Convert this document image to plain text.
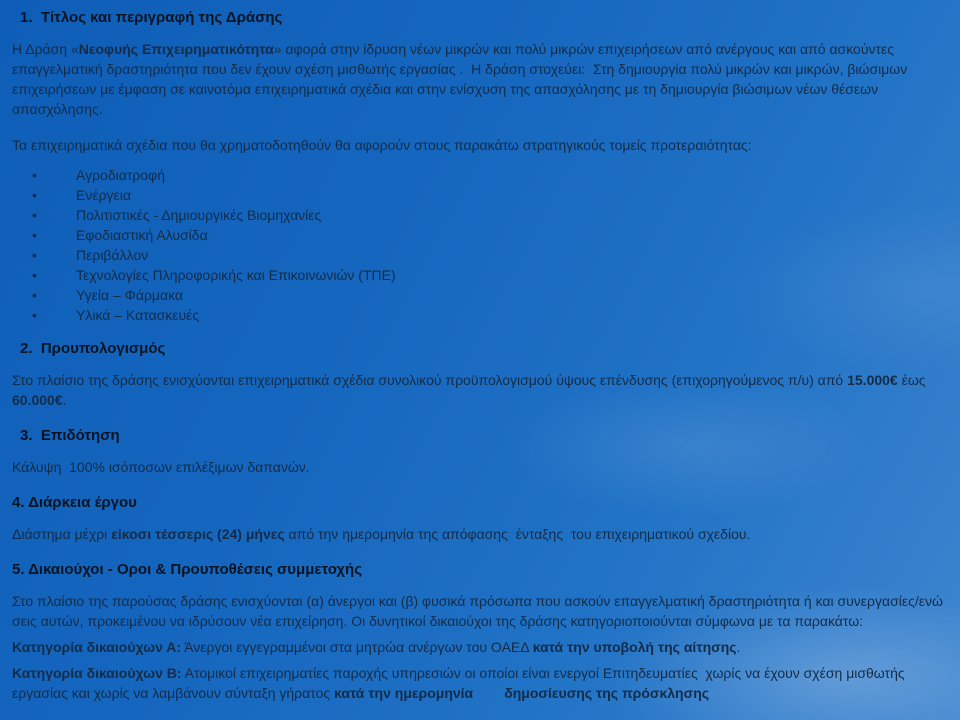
1.  Τίτλος και περιγραφή της Δράσης

Η Δράση «Νεοφυής Επιχειρηματικότητα» αφορά στην ίδρυση νέων μικρών και πολύ μικρών επιχειρήσεων από ανέργους και από ασκούντες επαγγελματική δραστηριότητα που δεν έχουν σχέση μισθωτής εργασίας .  Η δράση στοχεύει:  Στη δημιουργία πολύ μικρών και μικρών, βιώσιμων επιχειρήσεων με έμφαση σε καινοτόμα επιχειρηματικά σχέδια και στην ενίσχυση της απασχόλησης με τη δημιουργία βιώσιμων νέων θέσεων απασχόλησης.

Τα επιχειρηματικά σχέδια που θα χρηματοδοτηθούν θα αφορούν στους παρακάτω στρατηγικούς τομείς προτεραιότητας:

•	Αγροδιατροφή
•	Ενέργεια
•	Πολιτιστικές - Δημιουργικές Βιομηχανίες
•	Εφοδιαστική Αλυσίδα
•	Περιβάλλον
•	Τεχνολογίες Πληροφορικής και Επικοινωνιών (ΤΠΕ)
•	Υγεία – Φάρμακα
•	Υλικά – Κατασκευές
2.  Προυπολογισμός

Στο πλαίσιο της δράσης ενισχύονται επιχειρηματικά σχέδια συνολικού προϋπολογισμού ύψους επένδυσης (επιχορηγούμενος π/υ) από 15.000€ έως 60.000€.

3.  Επιδότηση

Κάλυψη  100% ισόποσων επιλέξιμων δαπανών.

4. Διάρκεια έργου

Διάστημα μέχρι είκοσι τέσσερις (24) μήνες από την ημερομηνία της απόφασης  ένταξης  του επιχειρηματικού σχεδίου.

5. Δικαιούχοι - Οροι & Προυποθέσεις συμμετοχής

Στο πλαίσιο της παρούσας δράσης ενισχύονται (α) άνεργοι και (β) φυσικά πρόσωπα που ασκούν επαγγελματική δραστηριότητα ή και συνεργασίες/ενώ σεις αυτών, προκειμένου να ιδρύσουν νέα επιχείρηση. Οι δυνητικοί δικαιούχοι της δράσης κατηγοριοποιούνται σύμφωνα με τα παρακάτω:

Κατηγορία δικαιούχων Α: Άνεργοι εγγεγραμμένοι στα μητρώα ανέργων του ΟΑΕΔ κατά την υποβολή της αίτησης.

Κατηγορία δικαιούχων Β: Ατομικοί επιχειρηματίες παροχής υπηρεσιών οι οποίοι είναι ενεργοί Επιτηδευματίες  χωρίς να έχουν σχέση μισθωτής εργασίας και χωρίς να λαμβάνουν σύνταξη γήρατος κατά την ημερομηνία        δημοσίευσης της πρόσκλησης
